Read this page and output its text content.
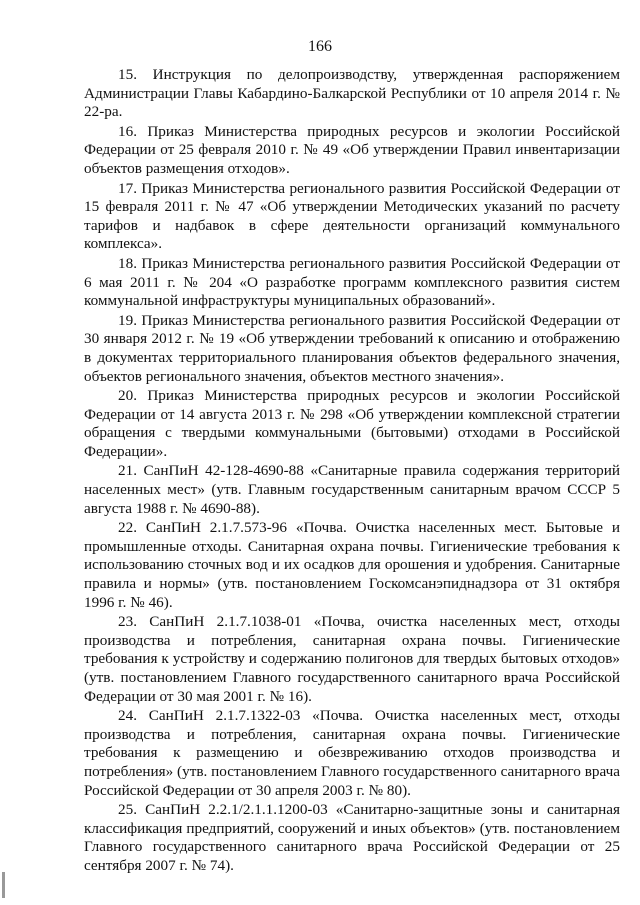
166

15. Инструкция по делопроизводству, утвержденная распоряжением Администрации Главы Кабардино-Балкарской Республики от 10 апреля 2014 г. № 22-ра.

16. Приказ Министерства природных ресурсов и экологии Российской Федерации от 25 февраля 2010 г. № 49 «Об утверждении Правил инвентаризации объектов размещения отходов».

17. Приказ Министерства регионального развития Российской Федерации от 15 февраля 2011 г. № 47 «Об утверждении Методических указаний по расчету тарифов и надбавок в сфере деятельности организаций коммунального комплекса».

18. Приказ Министерства регионального развития Российской Федерации от 6 мая 2011 г. № 204 «О разработке программ комплексного развития систем коммунальной инфраструктуры муниципальных образований».

19. Приказ Министерства регионального развития Российской Федерации от 30 января 2012 г. № 19 «Об утверждении требований к описанию и отображению в документах территориального планирования объектов федерального значения, объектов регионального значения, объектов местного значения».

20. Приказ Министерства природных ресурсов и экологии Российской Федерации от 14 августа 2013 г. № 298 «Об утверждении комплексной стратегии обращения с твердыми коммунальными (бытовыми) отходами в Российской Федерации».

21. СанПиН 42-128-4690-88 «Санитарные правила содержания территорий населенных мест» (утв. Главным государственным санитарным врачом СССР 5 августа 1988 г. № 4690-88).

22. СанПиН 2.1.7.573-96 «Почва. Очистка населенных мест. Бытовые и промышленные отходы. Санитарная охрана почвы. Гигиенические требования к использованию сточных вод и их осадков для орошения и удобрения. Санитарные правила и нормы» (утв. постановлением Госкомсанэпиднадзора от 31 октября 1996 г. № 46).

23. СанПиН 2.1.7.1038-01 «Почва, очистка населенных мест, отходы производства и потребления, санитарная охрана почвы. Гигиенические требования к устройству и содержанию полигонов для твердых бытовых отходов» (утв. постановлением Главного государственного санитарного врача Российской Федерации от 30 мая 2001 г. № 16).

24. СанПиН 2.1.7.1322-03 «Почва. Очистка населенных мест, отходы производства и потребления, санитарная охрана почвы. Гигиенические требования к размещению и обезвреживанию отходов производства и потребления» (утв. постановлением Главного государственного санитарного врача Российской Федерации от 30 апреля 2003 г. № 80).

25. СанПиН 2.2.1/2.1.1.1200-03 «Санитарно-защитные зоны и санитарная классификация предприятий, сооружений и иных объектов» (утв. постановлением Главного государственного санитарного врача Российской Федерации от 25 сентября 2007 г. № 74).
